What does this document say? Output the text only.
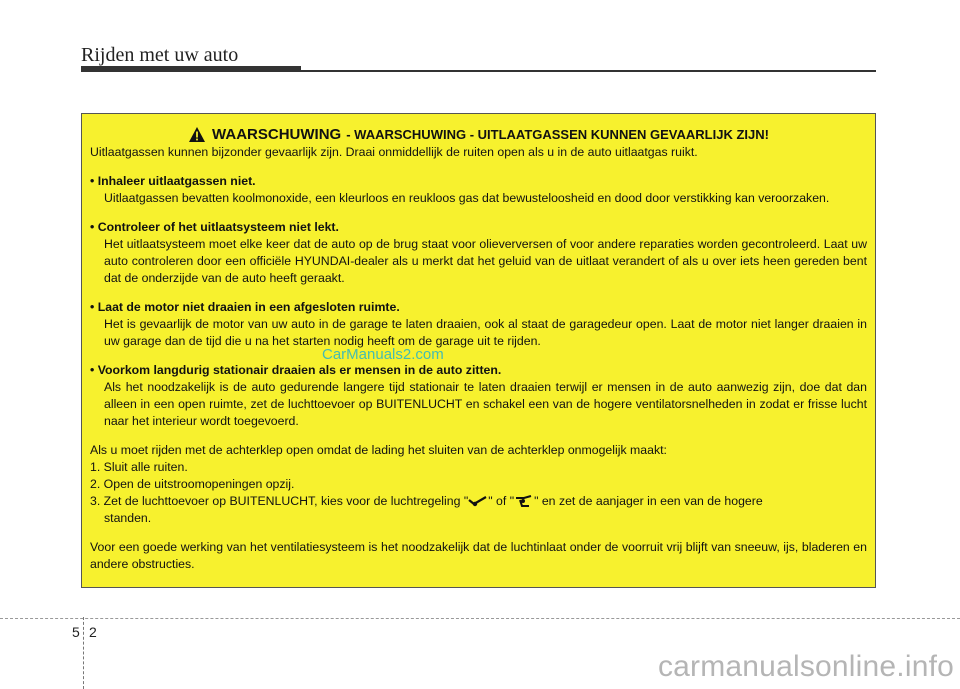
Rijden met uw auto
WAARSCHUWING - WAARSCHUWING - UITLAATGASSEN KUNNEN GEVAARLIJK ZIJN!

Uitlaatgassen kunnen bijzonder gevaarlijk zijn. Draai onmiddellijk de ruiten open als u in de auto uitlaatgas ruikt.

• Inhaleer uitlaatgassen niet.

Uitlaatgassen bevatten koolmonoxide, een kleurloos en reukloos gas dat bewusteloosheid en dood door verstikking kan veroorzaken.

• Controleer of het uitlaatsysteem niet lekt.

Het uitlaatsysteem moet elke keer dat de auto op de brug staat voor olieverversen of voor andere reparaties worden gecontroleerd. Laat uw auto controleren door een officiële HYUNDAI-dealer als u merkt dat het geluid van de uitlaat verandert of als u over iets heen gereden bent dat de onderzijde van de auto heeft geraakt.

• Laat de motor niet draaien in een afgesloten ruimte.

Het is gevaarlijk de motor van uw auto in de garage te laten draaien, ook al staat de garagedeur open. Laat de motor niet langer draaien in uw garage dan de tijd die u na het starten nodig heeft om de garage uit te rijden.

• Voorkom langdurig stationair draaien als er mensen in de auto zitten.

Als het noodzakelijk is de auto gedurende langere tijd stationair te laten draaien terwijl er mensen in de auto aanwezig zijn, doe dat dan alleen in een open ruimte, zet de luchttoevoer op BUITENLUCHT en schakel een van de hogere ventilatorsnelheden in zodat er frisse lucht naar het interieur wordt toegevoerd.

Als u moet rijden met de achterklep open omdat de lading het sluiten van de achterklep onmogelijk maakt:

1. Sluit alle ruiten.

2. Open de uitstroomopeningen opzij.

3. Zet de luchttoevoer op BUITENLUCHT, kies voor de luchtregeling " " of " " en zet de aanjager in een van de hogere

standen.

Voor een goede werking van het ventilatiesysteem is het noodzakelijk dat de luchtinlaat onder de voorruit vrij blijft van sneeuw, ijs, bladeren en andere obstructies.

CarManuals2.com
5 2
carmanualsonline.info
